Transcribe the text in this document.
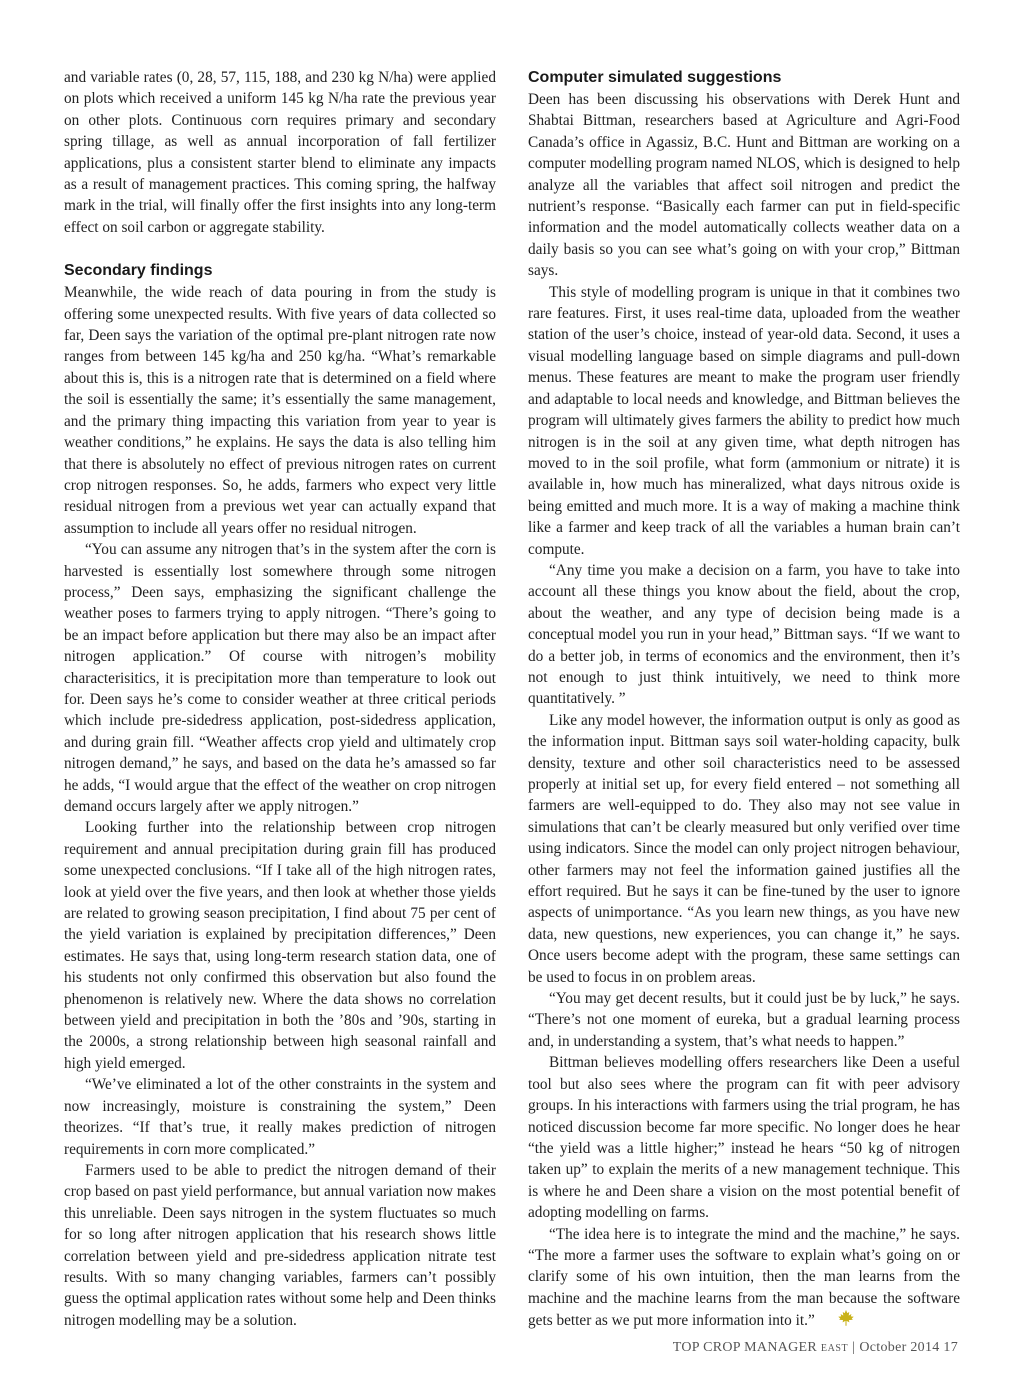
and variable rates (0, 28, 57, 115, 188, and 230 kg N/ha) were applied on plots which received a uniform 145 kg N/ha rate the previous year on other plots. Continuous corn requires primary and secondary spring tillage, as well as annual incorporation of fall fertilizer applications, plus a consistent starter blend to eliminate any impacts as a result of management practices. This coming spring, the halfway mark in the trial, will finally offer the first insights into any long-term effect on soil carbon or aggregate stability.

Secondary findings

Meanwhile, the wide reach of data pouring in from the study is offering some unexpected results. With five years of data collected so far, Deen says the variation of the optimal pre-plant nitrogen rate now ranges from between 145 kg/ha and 250 kg/ha. “What’s remarkable about this is, this is a nitrogen rate that is determined on a field where the soil is essentially the same; it’s essentially the same management, and the primary thing impacting this variation from year to year is weather conditions,” he explains. He says the data is also telling him that there is absolutely no effect of previous nitrogen rates on current crop nitrogen responses. So, he adds, farmers who expect very little residual nitrogen from a previous wet year can actually expand that assumption to include all years offer no residual nitrogen.

“You can assume any nitrogen that’s in the system after the corn is harvested is essentially lost somewhere through some nitrogen process,” Deen says, emphasizing the significant challenge the weather poses to farmers trying to apply nitrogen. “There’s going to be an impact before application but there may also be an impact after nitrogen application.” Of course with nitrogen’s mobility characterisitics, it is precipitation more than temperature to look out for. Deen says he’s come to consider weather at three critical periods which include pre-sidedress application, post-sidedress application, and during grain fill. “Weather affects crop yield and ultimately crop nitrogen demand,” he says, and based on the data he’s amassed so far he adds, “I would argue that the effect of the weather on crop nitrogen demand occurs largely after we apply nitrogen.”

Looking further into the relationship between crop nitrogen requirement and annual precipitation during grain fill has produced some unexpected conclusions. “If I take all of the high nitrogen rates, look at yield over the five years, and then look at whether those yields are related to growing season precipitation, I find about 75 per cent of the yield variation is explained by precipitation differences,” Deen estimates. He says that, using long-term research station data, one of his students not only confirmed this observation but also found the phenomenon is relatively new. Where the data shows no correlation between yield and precipitation in both the ’80s and ’90s, starting in the 2000s, a strong relationship between high seasonal rainfall and high yield emerged.

“We’ve eliminated a lot of the other constraints in the system and now increasingly, moisture is constraining the system,” Deen theorizes. “If that’s true, it really makes prediction of nitrogen requirements in corn more complicated.”

Farmers used to be able to predict the nitrogen demand of their crop based on past yield performance, but annual variation now makes this unreliable. Deen says nitrogen in the system fluctuates so much for so long after nitrogen application that his research shows little correlation between yield and pre-sidedress application nitrate test results. With so many changing variables, farmers can’t possibly guess the optimal application rates without some help and Deen thinks nitrogen modelling may be a solution.

Computer simulated suggestions

Deen has been discussing his observations with Derek Hunt and Shabtai Bittman, researchers based at Agriculture and Agri-Food Canada’s office in Agassiz, B.C. Hunt and Bittman are working on a computer modelling program named NLOS, which is designed to help analyze all the variables that affect soil nitrogen and predict the nutrient’s response. “Basically each farmer can put in field-specific information and the model automatically collects weather data on a daily basis so you can see what’s going on with your crop,” Bittman says.

This style of modelling program is unique in that it combines two rare features. First, it uses real-time data, uploaded from the weather station of the user’s choice, instead of year-old data. Second, it uses a visual modelling language based on simple diagrams and pull-down menus. These features are meant to make the program user friendly and adaptable to local needs and knowledge, and Bittman believes the program will ultimately gives farmers the ability to predict how much nitrogen is in the soil at any given time, what depth nitrogen has moved to in the soil profile, what form (ammonium or nitrate) it is available in, how much has mineralized, what days nitrous oxide is being emitted and much more. It is a way of making a machine think like a farmer and keep track of all the variables a human brain can’t compute.

“Any time you make a decision on a farm, you have to take into account all these things you know about the field, about the crop, about the weather, and any type of decision being made is a conceptual model you run in your head,” Bittman says. “If we want to do a better job, in terms of economics and the environment, then it’s not enough to just think intuitively, we need to think more quantitatively. ”

Like any model however, the information output is only as good as the information input. Bittman says soil water-holding capacity, bulk density, texture and other soil characteristics need to be assessed properly at initial set up, for every field entered – not something all farmers are well-equipped to do. They also may not see value in simulations that can’t be clearly measured but only verified over time using indicators. Since the model can only project nitrogen behaviour, other farmers may not feel the information gained justifies all the effort required. But he says it can be fine-tuned by the user to ignore aspects of unimportance. “As you learn new things, as you have new data, new questions, new experiences, you can change it,” he says. Once users become adept with the program, these same settings can be used to focus in on problem areas.

“You may get decent results, but it could just be by luck,” he says. “There’s not one moment of eureka, but a gradual learning process and, in understanding a system, that’s what needs to happen.”

Bittman believes modelling offers researchers like Deen a useful tool but also sees where the program can fit with peer advisory groups. In his interactions with farmers using the trial program, he has noticed discussion become far more specific. No longer does he hear “the yield was a little higher;” instead he hears “50 kg of nitrogen taken up” to explain the merits of a new management technique. This is where he and Deen share a vision on the most potential benefit of adopting modelling on farms.

“The idea here is to integrate the mind and the machine,” he says. “The more a farmer uses the software to explain what’s going on or clarify some of his own intuition, then the man learns from the machine and the machine learns from the man because the software gets better as we put more information into it.”

TOP CROP MANAGER EAST | October 2014 17
